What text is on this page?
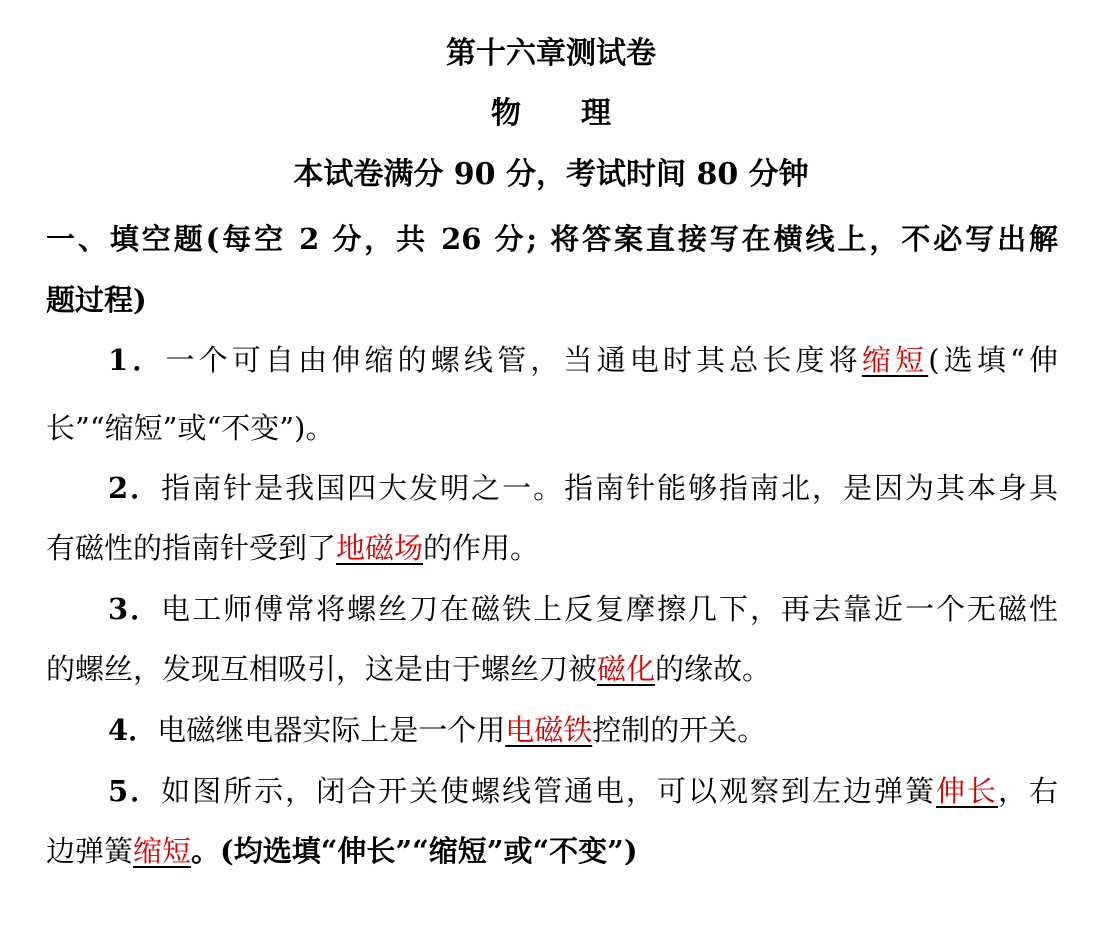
第十六章测试卷
物　　理
本试卷满分 90 分，考试时间 80 分钟
一、填空题(每空 2 分，共 26 分; 将答案直接写在横线上，不必写出解
题过程)
1．一个可自由伸缩的螺线管，当通电时其总长度将缩短(选填“伸
长”“缩短”或“不变”)。
2．指南针是我国四大发明之一。指南针能够指南北，是因为其本身具
有磁性的指南针受到了地磁场的作用。
3．电工师傅常将螺丝刀在磁铁上反复摩擦几下，再去靠近一个无磁性
的螺丝，发现互相吸引，这是由于螺丝刀被磁化的缘故。
4．电磁继电器实际上是一个用电磁铁控制的开关。
5．如图所示，闭合开关使螺线管通电，可以观察到左边弹簧伸长，右
边弹簧缩短。(均选填“伸长”“缩短”或“不变”)
